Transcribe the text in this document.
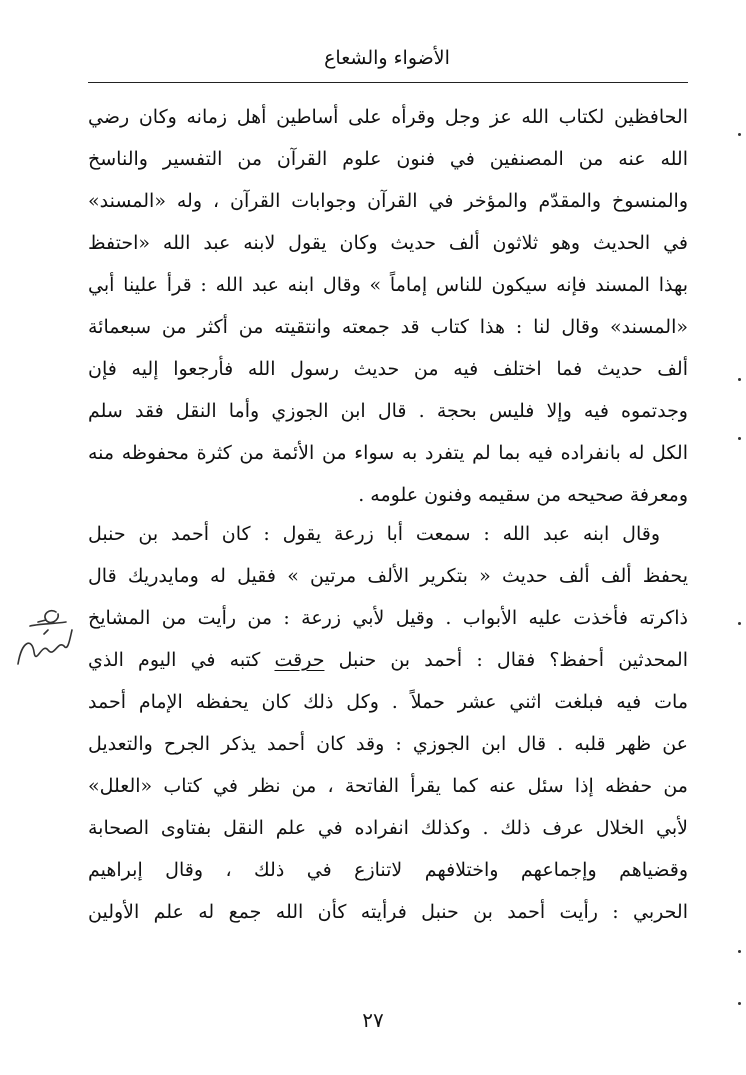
الأضواء والشعاع
الحافظين لكتاب الله عز وجل وقرأه على أساطين أهل زمانه وكان رضي
الله عنه من المصنفين في فنون علوم القرآن من التفسير والناسخ
والمنسوخ والمقدّم والمؤخر في القرآن وجوابات القرآن ، وله «المسند»
في الحديث وهو ثلاثون ألف حديث وكان يقول لابنه عبد الله «احتفظ
بهذا المسند فإنه سيكون للناس إماماً » وقال ابنه عبد الله : قرأ علينا أبي
«المسند» وقال لنا : هذا كتاب قد جمعته وانتقيته من أكثر من سبعمائة
ألف حديث فما اختلف فيه من حديث رسول الله فأرجعوا إليه فإن
وجدتموه فيه وإلا فليس بحجة . قال ابن الجوزي وأما النقل فقد سلم
الكل له بانفراده فيه بما لم يتفرد به سواء من الأئمة من كثرة محفوظه منه
ومعرفة صحيحه من سقيمه وفنون علومه .
وقال ابنه عبد الله : سمعت أبا زرعة يقول : كان أحمد بن حنبل
يحفظ ألف ألف حديث « بتكرير الألف مرتين » فقيل له ومايدريك قال
ذاكرته فأخذت عليه الأبواب . وقيل لأبي زرعة : من رأيت من المشايخ
المحدثين أحفظ؟ فقال : أحمد بن حنبل حرقت كتبه في اليوم الذي
مات فيه فبلغت اثني عشر حملاً . وكل ذلك كان يحفظه الإمام أحمد
عن ظهر قلبه . قال ابن الجوزي : وقد كان أحمد يذكر الجرح والتعديل
من حفظه إذا سئل عنه كما يقرأ الفاتحة ، من نظر في كتاب «العلل»
لأبي الخلال عرف ذلك . وكذلك انفراده في علم النقل بفتاوى الصحابة
وقضياهم وإجماعهم واختلافهم لاتنازع في ذلك ، وقال إبراهيم
الحربي : رأيت أحمد بن حنبل فرأيته كأن الله جمع له علم الأولين
٢٧
